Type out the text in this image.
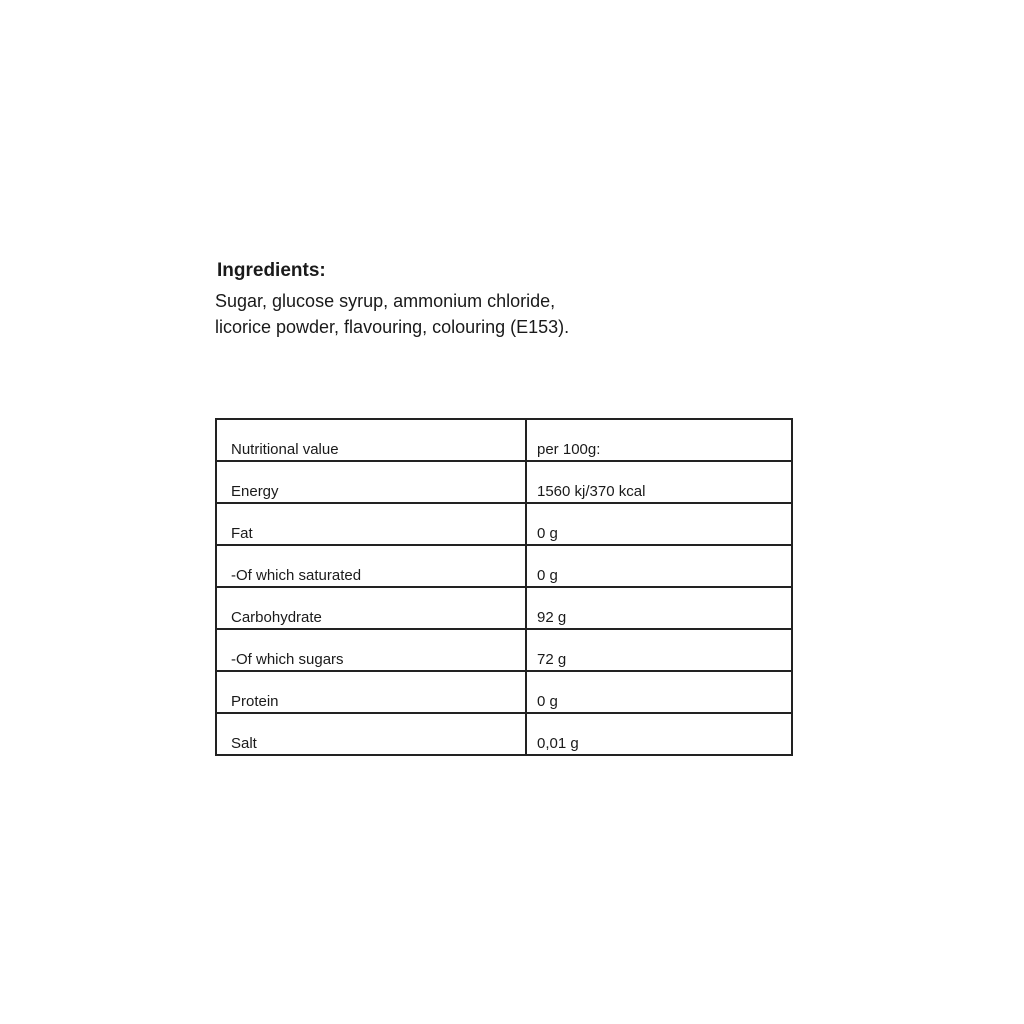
Ingredients:

Sugar, glucose syrup, ammonium chloride,
licorice powder, flavouring, colouring (E153).

Nutritional value	per 100g:
Energy	1560 kj/370 kcal
Fat	0 g
-Of which saturated	0 g
Carbohydrate	92 g
-Of which sugars	72 g
Protein	0 g
Salt	0,01 g
